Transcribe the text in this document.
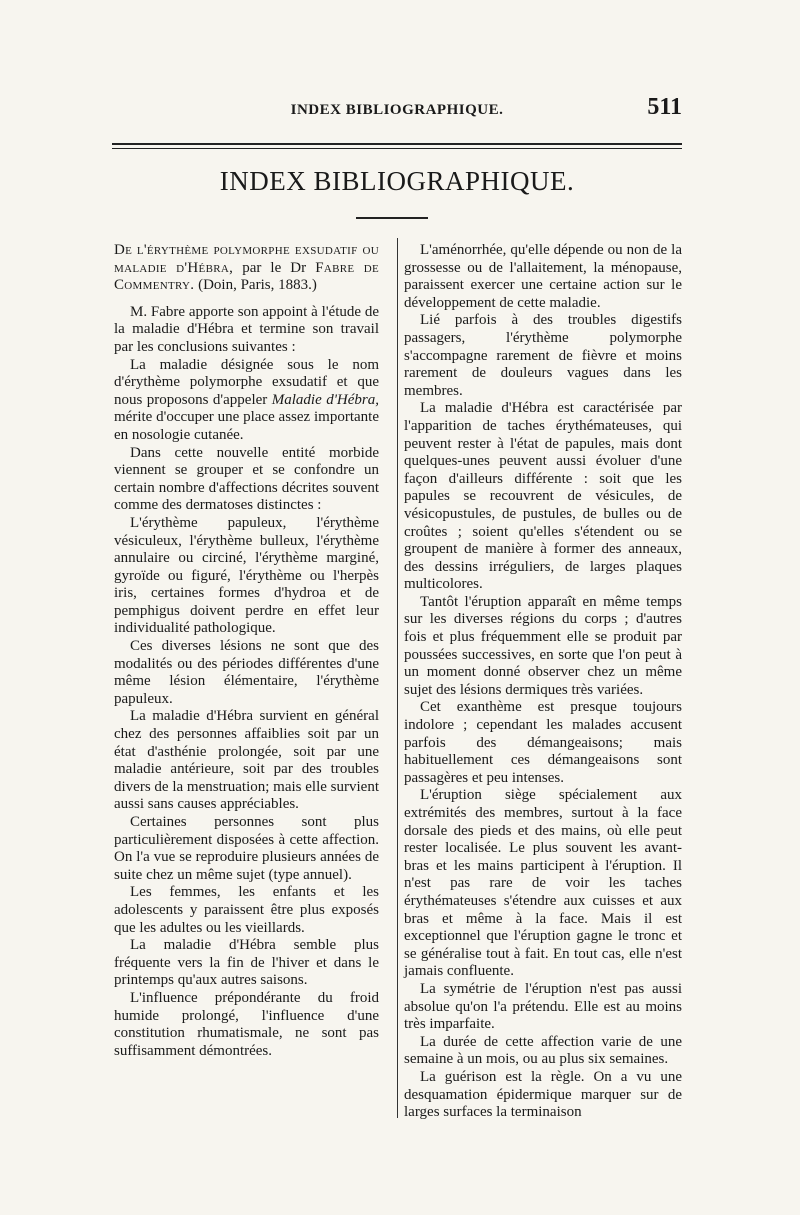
INDEX BIBLIOGRAPHIQUE.	511
INDEX BIBLIOGRAPHIQUE.

De l'érythème polymorphe exsudatif ou maladie d'Hébra, par le Dr Fabre de Commentry. (Doin, Paris, 1883.)

M. Fabre apporte son appoint à l'étude de la maladie d'Hébra et termine son travail par les conclusions suivantes :

La maladie désignée sous le nom d'érythème polymorphe exsudatif et que nous proposons d'appeler Maladie d'Hébra, mérite d'occuper une place assez importante en nosologie cutanée.

Dans cette nouvelle entité morbide viennent se grouper et se confondre un certain nombre d'affections décrites souvent comme des dermatoses distinctes :

L'érythème papuleux, l'érythème vésiculeux, l'érythème bulleux, l'érythème annulaire ou circiné, l'érythème marginé, gyroïde ou figuré, l'érythème ou l'herpès iris, certaines formes d'hydroa et de pemphigus doivent perdre en effet leur individualité pathologique.

Ces diverses lésions ne sont que des modalités ou des périodes différentes d'une même lésion élémentaire, l'érythème papuleux.

La maladie d'Hébra survient en général chez des personnes affaiblies soit par un état d'asthénie prolongée, soit par une maladie antérieure, soit par des troubles divers de la menstruation; mais elle survient aussi sans causes appréciables.

Certaines personnes sont plus particulièrement disposées à cette affection. On l'a vue se reproduire plusieurs années de suite chez un même sujet (type annuel).

Les femmes, les enfants et les adolescents y paraissent être plus exposés que les adultes ou les vieillards.

La maladie d'Hébra semble plus fréquente vers la fin de l'hiver et dans le printemps qu'aux autres saisons.

L'influence prépondérante du froid humide prolongé, l'influence d'une constitution rhumatismale, ne sont pas suffisamment démontrées.

L'aménorrhée, qu'elle dépende ou non de la grossesse ou de l'allaitement, la ménopause, paraissent exercer une certaine action sur le développement de cette maladie.

Lié parfois à des troubles digestifs passagers, l'érythème polymorphe s'accompagne rarement de fièvre et moins rarement de douleurs vagues dans les membres.

La maladie d'Hébra est caractérisée par l'apparition de taches érythémateuses, qui peuvent rester à l'état de papules, mais dont quelques-unes peuvent aussi évoluer d'une façon d'ailleurs différente : soit que les papules se recouvrent de vésicules, de vésicopustules, de pustules, de bulles ou de croûtes ; soient qu'elles s'étendent ou se groupent de manière à former des anneaux, des dessins irréguliers, de larges plaques multicolores.

Tantôt l'éruption apparaît en même temps sur les diverses régions du corps ; d'autres fois et plus fréquemment elle se produit par poussées successives, en sorte que l'on peut à un moment donné observer chez un même sujet des lésions dermiques très variées.

Cet exanthème est presque toujours indolore ; cependant les malades accusent parfois des démangeaisons; mais habituellement ces démangeaisons sont passagères et peu intenses.

L'éruption siège spécialement aux extrémités des membres, surtout à la face dorsale des pieds et des mains, où elle peut rester localisée. Le plus souvent les avant-bras et les mains participent à l'éruption. Il n'est pas rare de voir les taches érythémateuses s'étendre aux cuisses et aux bras et même à la face. Mais il est exceptionnel que l'éruption gagne le tronc et se généralise tout à fait. En tout cas, elle n'est jamais confluente.

La symétrie de l'éruption n'est pas aussi absolue qu'on l'a prétendu. Elle est au moins très imparfaite.

La durée de cette affection varie de une semaine à un mois, ou au plus six semaines.

La guérison est la règle. On a vu une desquamation épidermique marquer sur de larges surfaces la terminaison
